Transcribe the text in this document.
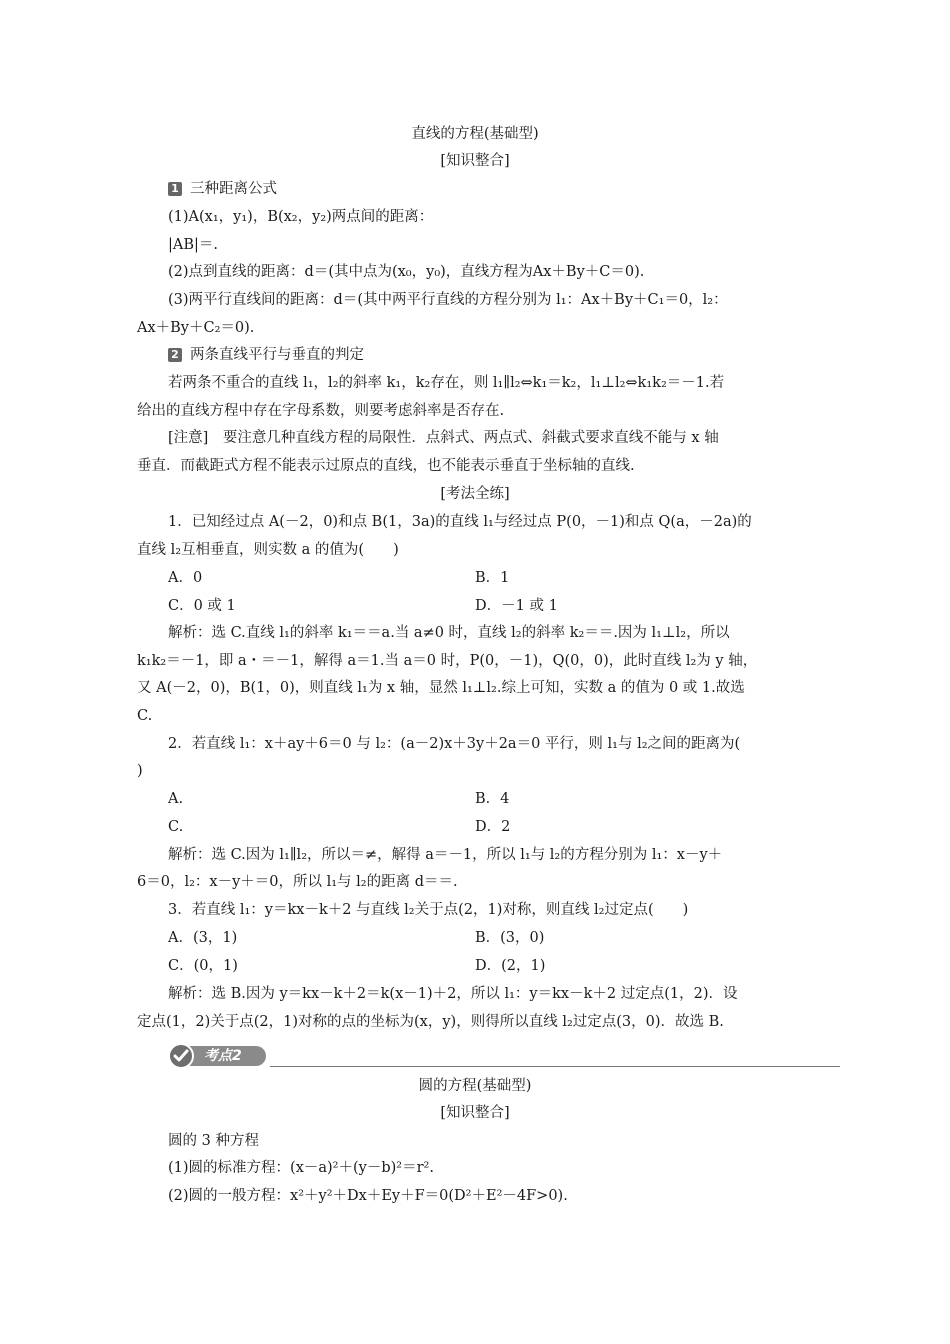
直线的方程(基础型)
[知识整合]
1 三种距离公式
(1)A(x₁，y₁)，B(x₂，y₂)两点间的距离：
|AB|＝.
(2)点到直线的距离：d＝(其中点为(x₀，y₀)，直线方程为Ax＋By＋C＝0).
(3)两平行直线间的距离：d＝(其中两平行直线的方程分别为 l₁：Ax＋By＋C₁＝0，l₂：
Ax＋By＋C₂＝0).
2 两条直线平行与垂直的判定
若两条不重合的直线 l₁，l₂的斜率 k₁，k₂存在，则 l₁∥l₂⇔k₁＝k₂，l₁⊥l₂⇔k₁k₂＝－1.若
给出的直线方程中存在字母系数，则要考虑斜率是否存在.
[注意]　要注意几种直线方程的局限性．点斜式、两点式、斜截式要求直线不能与 x 轴
垂直．而截距式方程不能表示过原点的直线，也不能表示垂直于坐标轴的直线.
[考法全练]
1．已知经过点 A(－2，0)和点 B(1，3a)的直线 l₁与经过点 P(0，－1)和点 Q(a，－2a)的
直线 l₂互相垂直，则实数 a 的值为(　　)
A．0	B．1
C．0 或 1	D．－1 或 1
解析：选 C.直线 l₁的斜率 k₁＝＝a.当 a≠0 时，直线 l₂的斜率 k₂＝＝.因为 l₁⊥l₂，所以
k₁k₂＝－1，即 a・＝－1，解得 a＝1.当 a＝0 时，P(0，－1)，Q(0，0)，此时直线 l₂为 y 轴，
又 A(－2，0)，B(1，0)，则直线 l₁为 x 轴，显然 l₁⊥l₂.综上可知，实数 a 的值为 0 或 1.故选
C.
2．若直线 l₁：x＋ay＋6＝0 与 l₂：(a－2)x＋3y＋2a＝0 平行，则 l₁与 l₂之间的距离为(
)
A.	B．4
C.	D．2
解析：选 C.因为 l₁∥l₂，所以＝≠，解得 a＝－1，所以 l₁与 l₂的方程分别为 l₁：x－y＋
6＝0，l₂：x－y＋＝0，所以 l₁与 l₂的距离 d＝＝.
3．若直线 l₁：y＝kx－k＋2 与直线 l₂关于点(2，1)对称，则直线 l₂过定点(　　)
A．(3，1)	B．(3，0)
C．(0，1)	D．(2，1)
解析：选 B.因为 y＝kx－k＋2＝k(x－1)＋2，所以 l₁：y＝kx－k＋2 过定点(1，2)．设
定点(1，2)关于点(2，1)对称的点的坐标为(x，y)，则得所以直线 l₂过定点(3，0)．故选 B.
考点2
圆的方程(基础型)
[知识整合]
圆的 3 种方程
(1)圆的标准方程：(x－a)²＋(y－b)²＝r².
(2)圆的一般方程：x²＋y²＋Dx＋Ey＋F＝0(D²＋E²－4F>0).
